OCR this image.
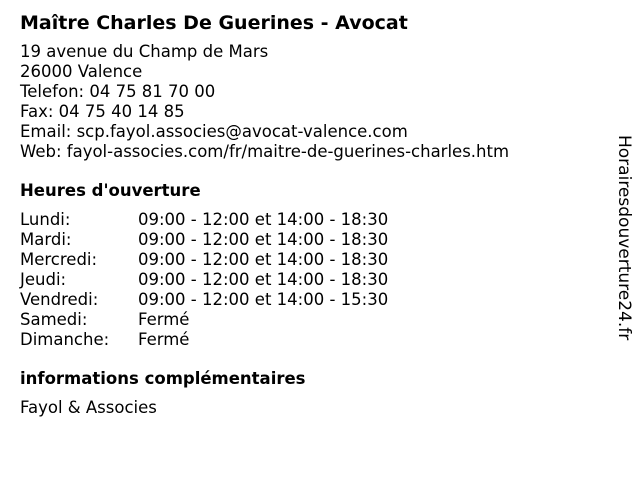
Maître Charles De Guerines - Avocat
19 avenue du Champ de Mars
26000 Valence
Telefon: 04 75 81 70 00
Fax: 04 75 40 14 85
Email: scp.fayol.associes@avocat-valence.com
Web: fayol-associes.com/fr/maitre-de-guerines-charles.htm
Heures d'ouverture
Lundi:	09:00 - 12:00 et 14:00 - 18:30
Mardi:	09:00 - 12:00 et 14:00 - 18:30
Mercredi:	09:00 - 12:00 et 14:00 - 18:30
Jeudi:	09:00 - 12:00 et 14:00 - 18:30
Vendredi:	09:00 - 12:00 et 14:00 - 15:30
Samedi:	Fermé
Dimanche:	Fermé
informations complémentaires
Fayol & Associes
Horairesdouverture24.fr
